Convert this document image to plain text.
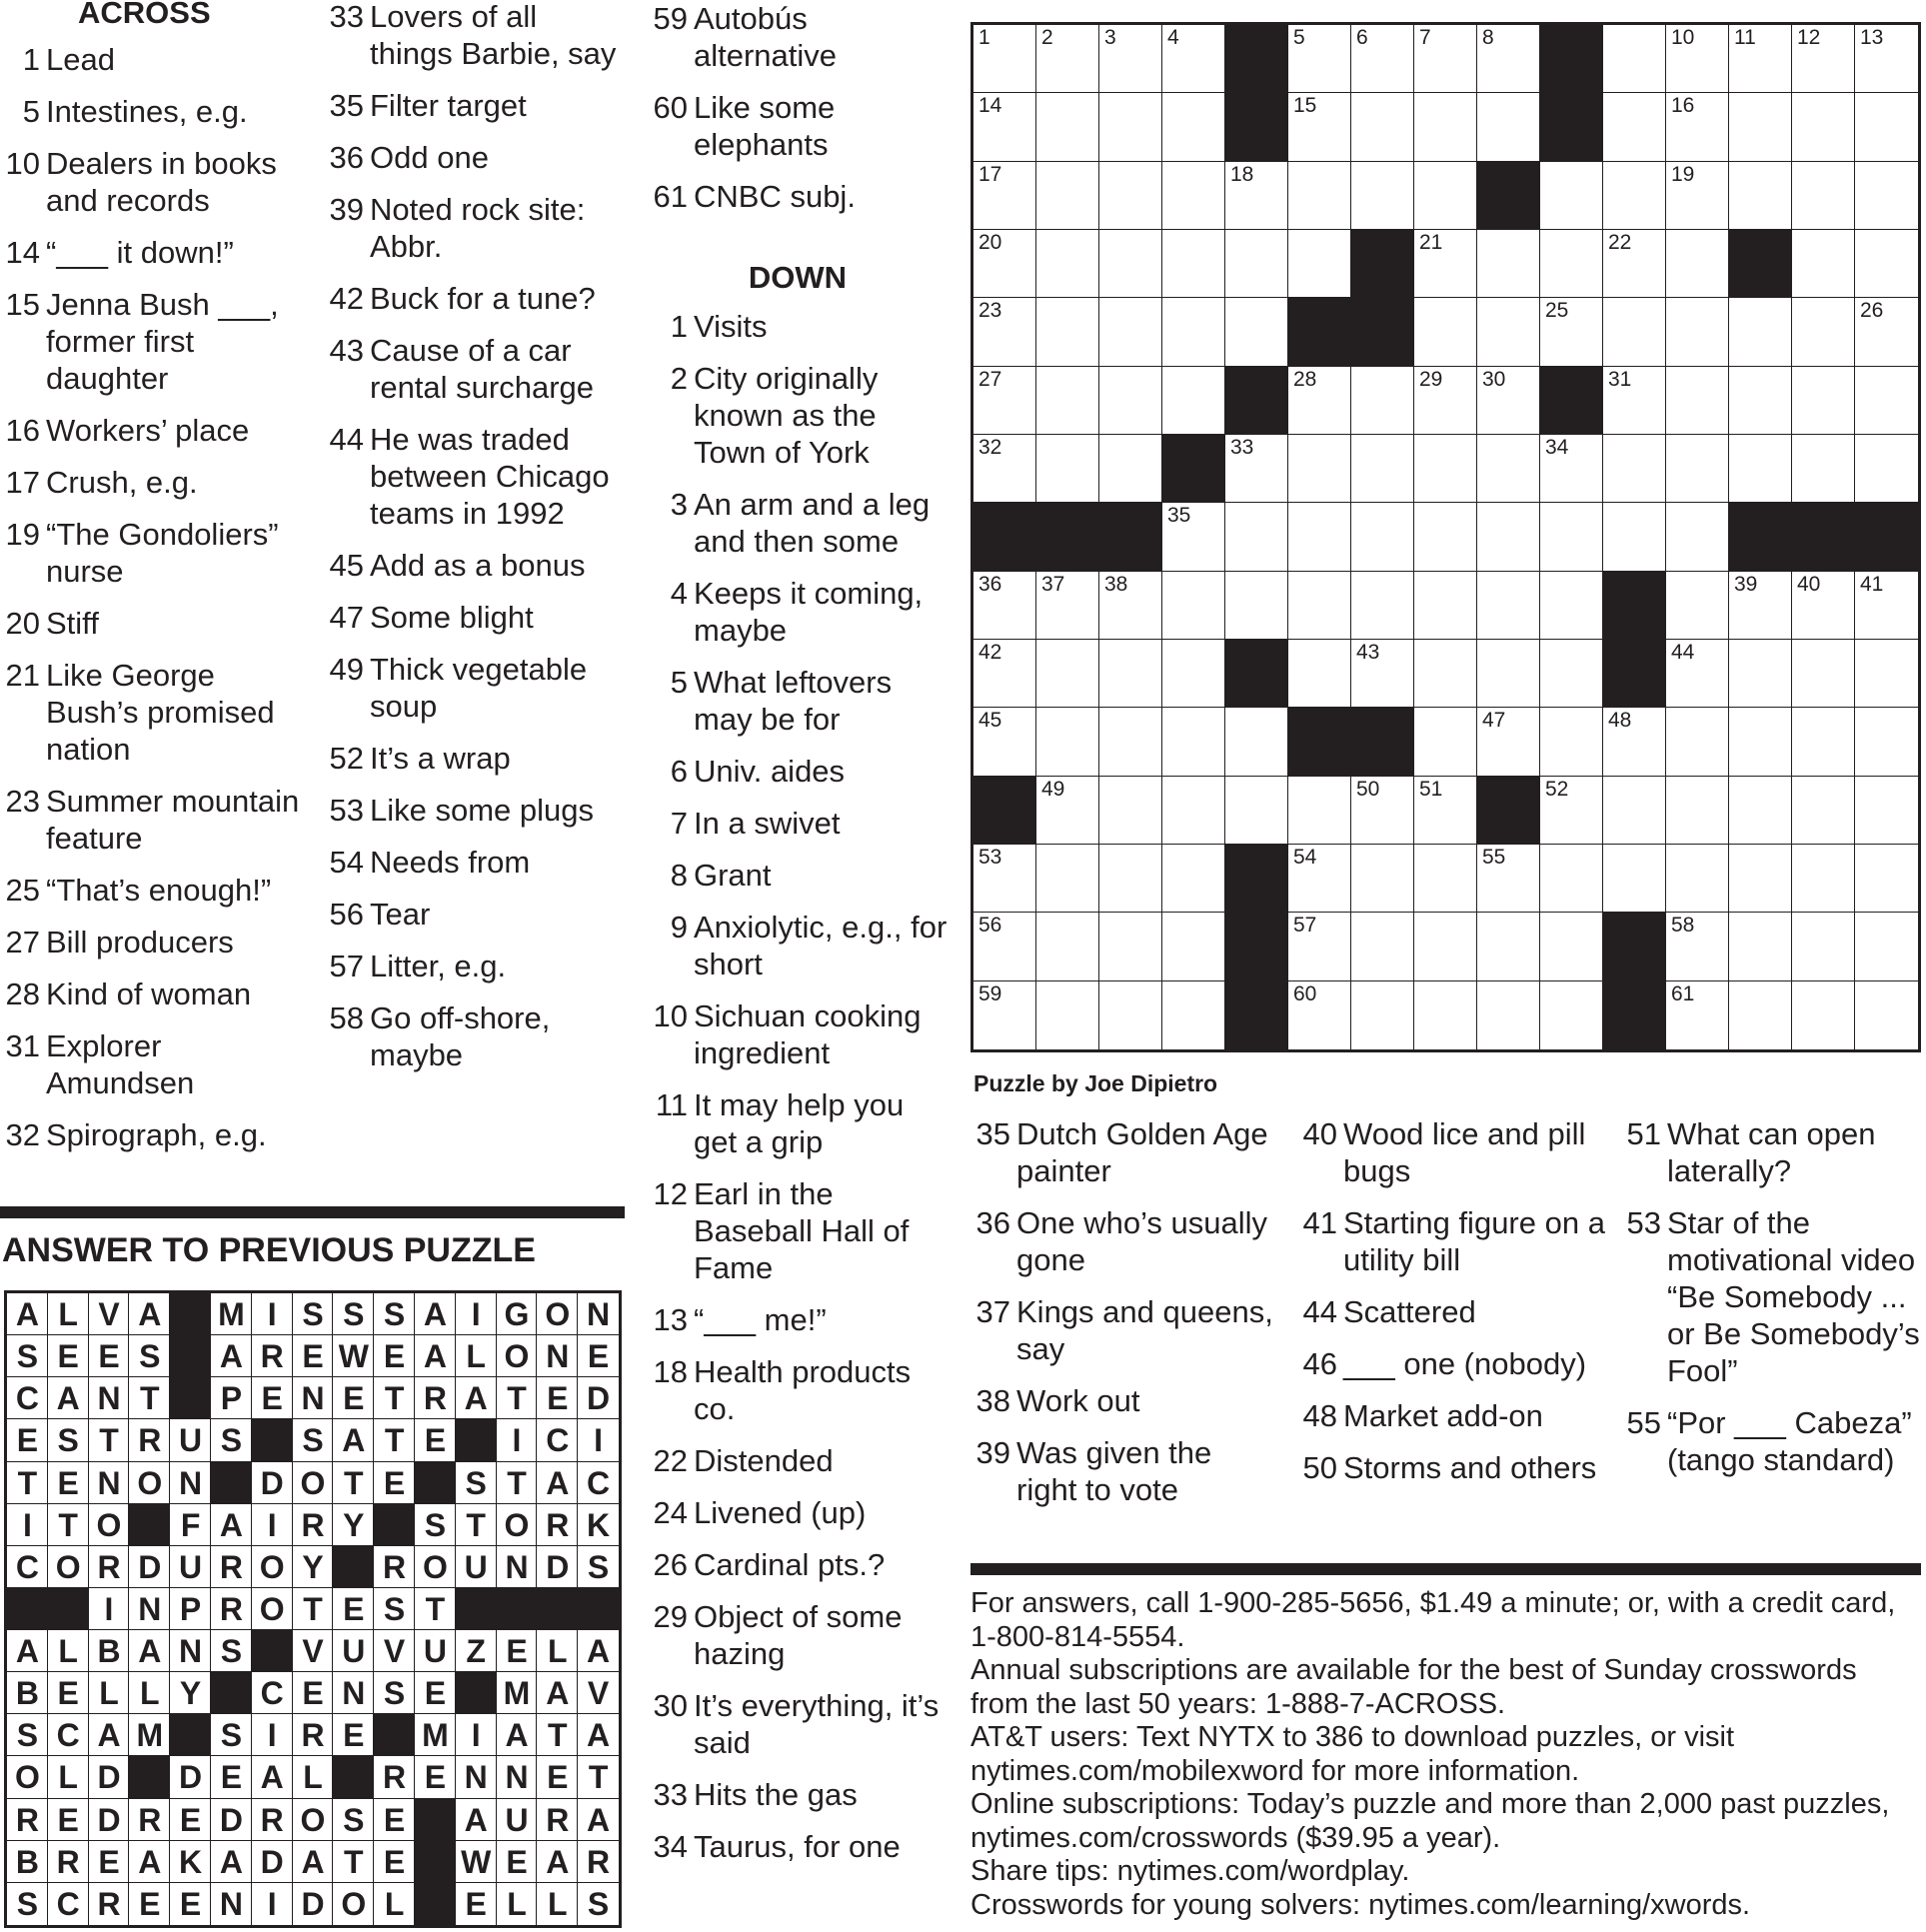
ACROSS
1 Lead
5 Intestines, e.g.
10 Dealers in books and records
14 “___ it down!”
15 Jenna Bush ___, former first daughter
16 Workers’ place
17 Crush, e.g.
19 “The Gondoliers” nurse
20 Stiff
21 Like George Bush’s promised nation
23 Summer mountain feature
25 “That’s enough!”
27 Bill producers
28 Kind of woman
31 Explorer Amundsen
32 Spirograph, e.g.
33 Lovers of all things Barbie, say
35 Filter target
36 Odd one
39 Noted rock site: Abbr.
42 Buck for a tune?
43 Cause of a car rental surcharge
44 He was traded between Chicago teams in 1992
45 Add as a bonus
47 Some blight
49 Thick vegetable soup
52 It’s a wrap
53 Like some plugs
54 Needs from
56 Tear
57 Litter, e.g.
58 Go off-shore, maybe
59 Autobús alternative
60 Like some elephants
61 CNBC subj.
DOWN
1 Visits
2 City originally known as the Town of York
3 An arm and a leg and then some
4 Keeps it coming, maybe
5 What leftovers may be for
6 Univ. aides
7 In a swivet
8 Grant
9 Anxiolytic, e.g., for short
10 Sichuan cooking ingredient
11 It may help you get a grip
12 Earl in the Baseball Hall of Fame
13 “___ me!”
18 Health products co.
22 Distended
24 Livened (up)
26 Cardinal pts.?
29 Object of some hazing
30 It’s everything, it’s said
33 Hits the gas
34 Taurus, for one
ANSWER TO PREVIOUS PUZZLE
A L V A M I S S S A I G O N
S E E S	A R E W E A L O N E
C A N T	P E N E T R A T E D
E S T R U S	S A T E	I C I
T E N O N D O T E	S T A C
I T O	F A I R Y	S T O R K
C O R D U R O Y	R O U N D S
I N P R O T E S T
A L B A N S	V U V U Z E L A
B E L L Y	C E N S E	M A V
S C A M	S I R E	M I A T A
O L D D E A L	R E N N E T
R E D R E D R O S E	A U R A
B R E A K A D A T E	W E A R
S C R E E N I D O L	E L L S
1 2 3 4	5 6 7 8	10 11 12 13
14	15	16
17	18	19
20	21	22
23	25	26
27	28	29 30	31
32	33	34
35
36 37 38	39 40 41
42	43	44
45	47	48
49	50 51	52
53	54	55
56	57	58
59	60	61
Puzzle by Joe Dipietro
35 Dutch Golden Age painter
36 One who’s usually gone
37 Kings and queens, say
38 Work out
39 Was given the right to vote
40 Wood lice and pill bugs
41 Starting figure on a utility bill
44 Scattered
46 ___ one (nobody)
48 Market add-on
50 Storms and others
51 What can open laterally?
53 Star of the motivational video “Be Somebody ... or Be Somebody’s Fool”
55 “Por ___ Cabeza” (tango standard)
For answers, call 1-900-285-5656, $1.49 a minute; or, with a credit card, 1-800-814-5554.
Annual subscriptions are available for the best of Sunday crosswords from the last 50 years: 1-888-7-ACROSS.
AT&T users: Text NYTX to 386 to download puzzles, or visit nytimes.com/mobilexword for more information.
Online subscriptions: Today’s puzzle and more than 2,000 past puzzles, nytimes.com/crosswords ($39.95 a year).
Share tips: nytimes.com/wordplay.
Crosswords for young solvers: nytimes.com/learning/xwords.
